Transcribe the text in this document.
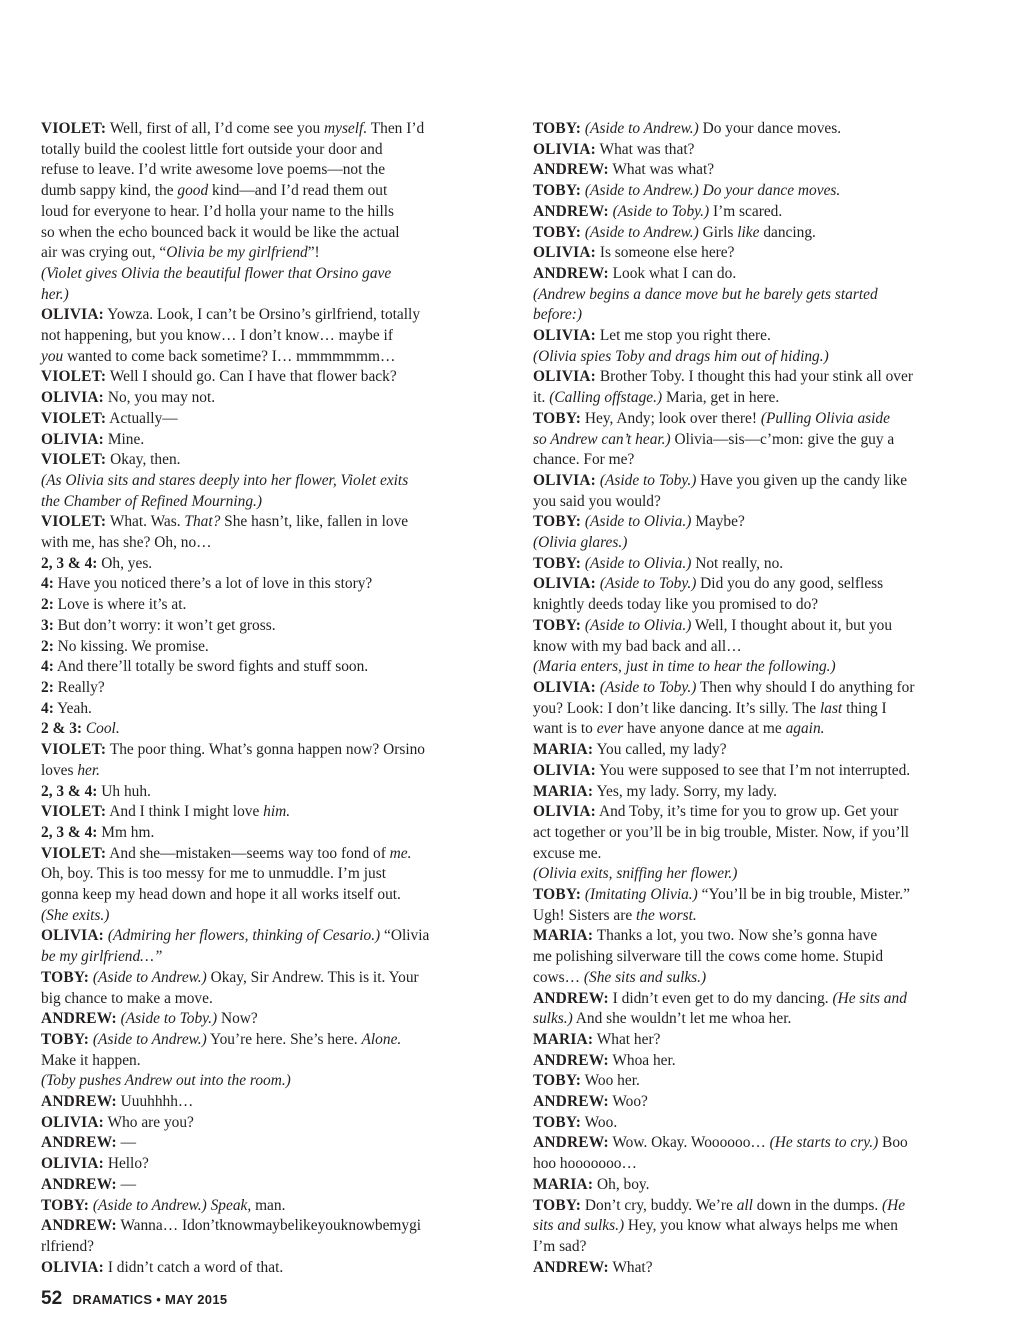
VIOLET: Well, first of all, I’d come see you myself. Then I’d
totally build the coolest little fort outside your door and
refuse to leave. I’d write awesome love poems—not the
dumb sappy kind, the good kind—and I’d read them out
loud for everyone to hear. I’d holla your name to the hills
so when the echo bounced back it would be like the actual
air was crying out, “Olivia be my girlfriend”!
(Violet gives Olivia the beautiful flower that Orsino gave
her.)
OLIVIA: Yowza. Look, I can’t be Orsino’s girlfriend, totally
not happening, but you know… I don’t know… maybe if
you wanted to come back sometime? I… mmmmmmm…
VIOLET: Well I should go. Can I have that flower back?
OLIVIA: No, you may not.
VIOLET: Actually—
OLIVIA: Mine.
VIOLET: Okay, then.
(As Olivia sits and stares deeply into her flower, Violet exits
the Chamber of Refined Mourning.)
VIOLET: What. Was. That? She hasn’t, like, fallen in love
with me, has she? Oh, no…
2, 3 & 4: Oh, yes.
4: Have you noticed there’s a lot of love in this story?
2: Love is where it’s at.
3: But don’t worry: it won’t get gross.
2: No kissing. We promise.
4: And there’ll totally be sword fights and stuff soon.
2: Really?
4: Yeah.
2 & 3: Cool.
VIOLET: The poor thing. What’s gonna happen now? Orsino
loves her.
2, 3 & 4: Uh huh.
VIOLET: And I think I might love him.
2, 3 & 4: Mm hm.
VIOLET: And she—mistaken—seems way too fond of me.
Oh, boy. This is too messy for me to unmuddle. I’m just
gonna keep my head down and hope it all works itself out.
(She exits.)
OLIVIA: (Admiring her flowers, thinking of Cesario.) “Olivia
be my girlfriend…”
TOBY: (Aside to Andrew.) Okay, Sir Andrew. This is it. Your
big chance to make a move.
ANDREW: (Aside to Toby.) Now?
TOBY: (Aside to Andrew.) You’re here. She’s here. Alone.
Make it happen.
(Toby pushes Andrew out into the room.)
ANDREW: Uuuhhhh…
OLIVIA: Who are you?
ANDREW: —
OLIVIA: Hello?
ANDREW: —
TOBY: (Aside to Andrew.) Speak, man.
ANDREW: Wanna… Idon’tknowmaybelikeyouknowbemygi
rlfriend?
OLIVIA: I didn’t catch a word of that.
TOBY: (Aside to Andrew.) Do your dance moves.
OLIVIA: What was that?
ANDREW: What was what?
TOBY: (Aside to Andrew.) Do your dance moves.
ANDREW: (Aside to Toby.) I’m scared.
TOBY: (Aside to Andrew.) Girls like dancing.
OLIVIA: Is someone else here?
ANDREW: Look what I can do.
(Andrew begins a dance move but he barely gets started
before:)
OLIVIA: Let me stop you right there.
(Olivia spies Toby and drags him out of hiding.)
OLIVIA: Brother Toby. I thought this had your stink all over
it. (Calling offstage.) Maria, get in here.
TOBY: Hey, Andy; look over there! (Pulling Olivia aside
so Andrew can’t hear.) Olivia—sis—c’mon: give the guy a
chance. For me?
OLIVIA: (Aside to Toby.) Have you given up the candy like
you said you would?
TOBY: (Aside to Olivia.) Maybe?
(Olivia glares.)
TOBY: (Aside to Olivia.) Not really, no.
OLIVIA: (Aside to Toby.) Did you do any good, selfless
knightly deeds today like you promised to do?
TOBY: (Aside to Olivia.) Well, I thought about it, but you
know with my bad back and all…
(Maria enters, just in time to hear the following.)
OLIVIA: (Aside to Toby.) Then why should I do anything for
you? Look: I don’t like dancing. It’s silly. The last thing I
want is to ever have anyone dance at me again.
MARIA: You called, my lady?
OLIVIA: You were supposed to see that I’m not interrupted.
MARIA: Yes, my lady. Sorry, my lady.
OLIVIA: And Toby, it’s time for you to grow up. Get your
act together or you’ll be in big trouble, Mister. Now, if you’ll
excuse me.
(Olivia exits, sniffing her flower.)
TOBY: (Imitating Olivia.) “You’ll be in big trouble, Mister.”
Ugh! Sisters are the worst.
MARIA: Thanks a lot, you two. Now she’s gonna have
me polishing silverware till the cows come home. Stupid
cows… (She sits and sulks.)
ANDREW: I didn’t even get to do my dancing. (He sits and
sulks.) And she wouldn’t let me whoa her.
MARIA: What her?
ANDREW: Whoa her.
TOBY: Woo her.
ANDREW: Woo?
TOBY: Woo.
ANDREW: Wow. Okay. Woooooo… (He starts to cry.) Boo
hoo hooooooo…
MARIA: Oh, boy.
TOBY: Don’t cry, buddy. We’re all down in the dumps. (He
sits and sulks.) Hey, you know what always helps me when
I’m sad?
ANDREW: What?
52 DRAMATICS • MAY 2015
